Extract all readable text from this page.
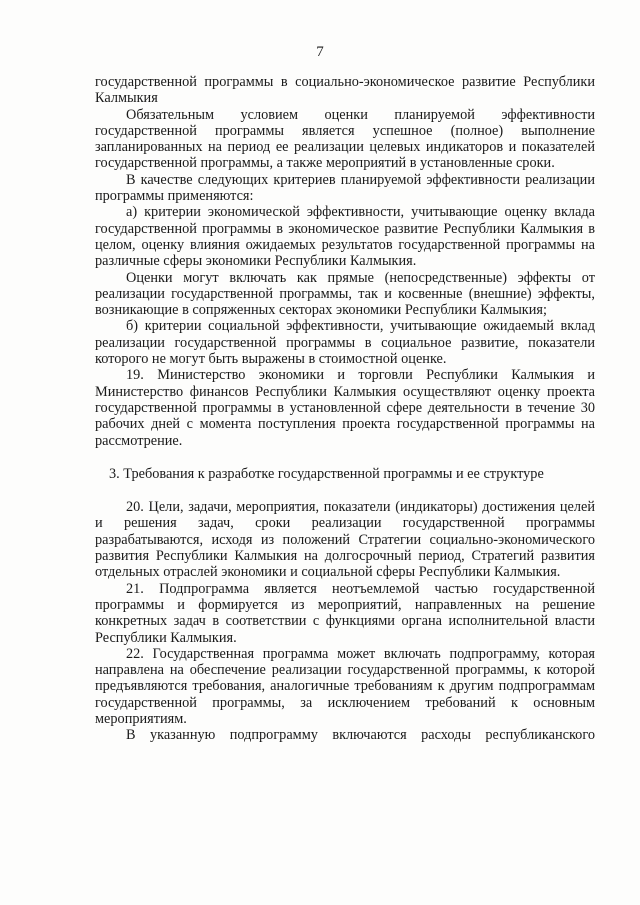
7

государственной программы в социально-экономическое развитие Республики Калмыкия

Обязательным условием оценки планируемой эффективности государственной программы является успешное (полное) выполнение запланированных на период ее реализации целевых индикаторов и показателей государственной программы, а также мероприятий в установленные сроки.

В качестве следующих критериев планируемой эффективности реализации программы применяются:

а) критерии экономической эффективности, учитывающие оценку вклада государственной программы в экономическое развитие Республики Калмыкия в целом, оценку влияния ожидаемых результатов государственной программы на различные сферы экономики Республики Калмыкия.

Оценки могут включать как прямые (непосредственные) эффекты от реализации государственной программы, так и косвенные (внешние) эффекты, возникающие в сопряженных секторах экономики Республики Калмыкия;

б) критерии социальной эффективности, учитывающие ожидаемый вклад реализации государственной программы в социальное развитие, показатели которого не могут быть выражены в стоимостной оценке.

19. Министерство экономики и торговли Республики Калмыкия и Министерство финансов Республики Калмыкия осуществляют оценку проекта государственной программы в установленной сфере деятельности в течение 30 рабочих дней с момента поступления проекта государственной программы на рассмотрение.

3. Требования к разработке государственной программы и ее структуре

20. Цели, задачи, мероприятия, показатели (индикаторы) достижения целей и решения задач, сроки реализации государственной программы разрабатываются, исходя из положений Стратегии социально-экономического развития Республики Калмыкия на долгосрочный период, Стратегий развития отдельных отраслей экономики и социальной сферы Республики Калмыкия.

21. Подпрограмма является неотъемлемой частью государственной программы и формируется из мероприятий, направленных на решение конкретных задач в соответствии с функциями органа исполнительной власти Республики Калмыкия.

22. Государственная программа может включать подпрограмму, которая направлена на обеспечение реализации государственной программы, к которой предъявляются требования, аналогичные требованиям к другим подпрограммам государственной программы, за исключением требований к основным мероприятиям.

В указанную подпрограмму включаются расходы республиканского
